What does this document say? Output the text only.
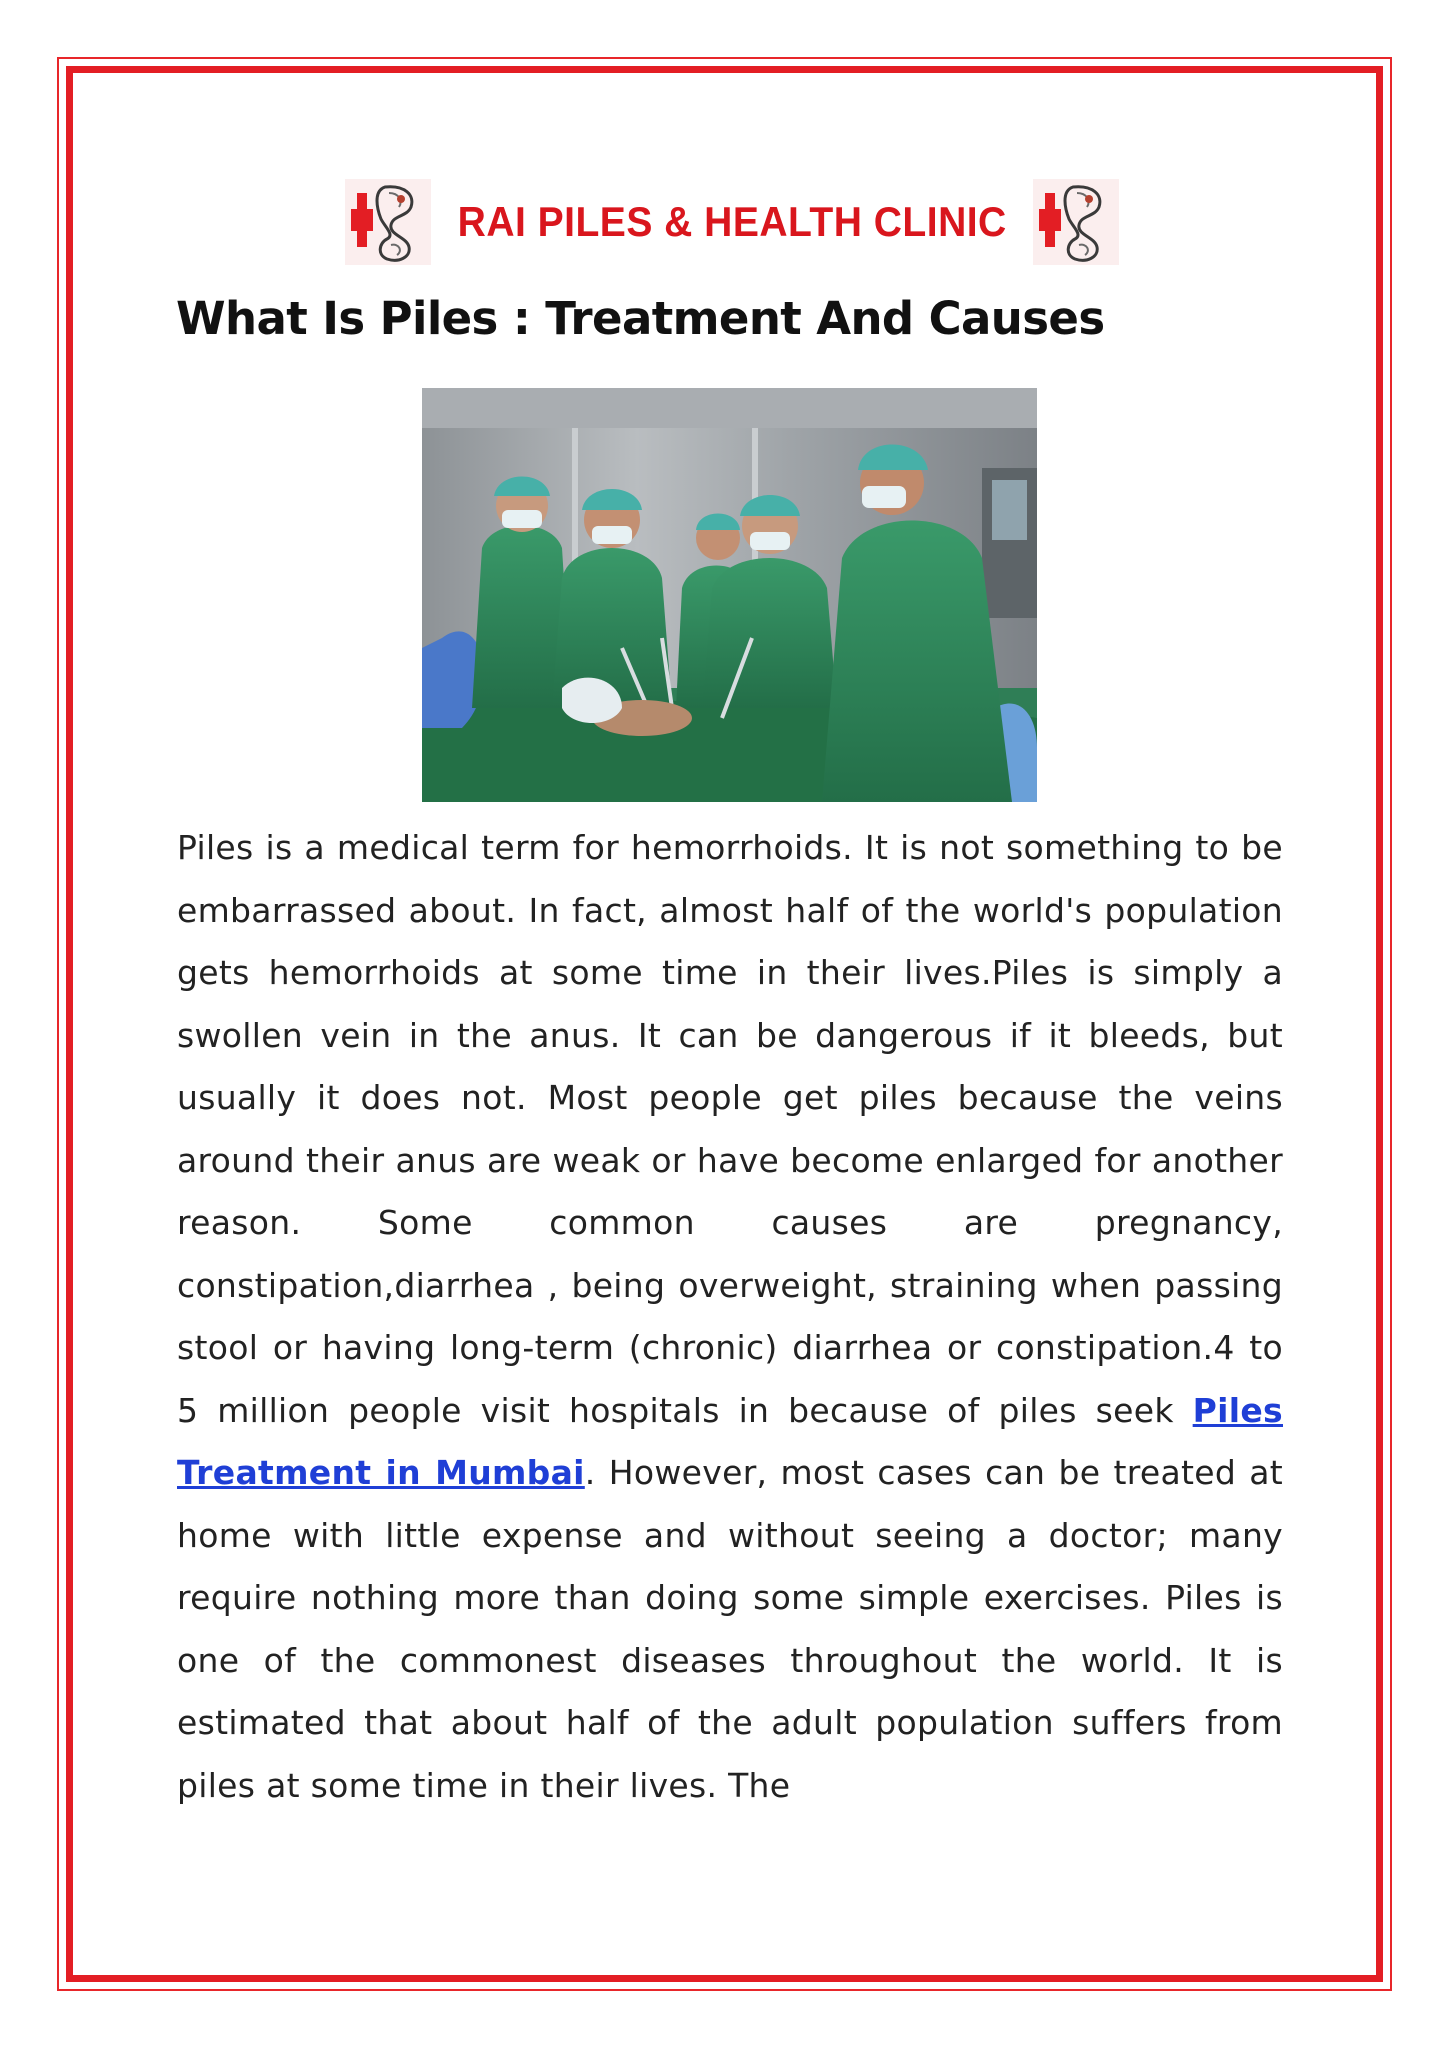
RAI PILES & HEALTH CLINIC
What Is Piles : Treatment And Causes

Piles is a medical term for hemorrhoids. It is not something to be embarrassed about. In fact, almost half of the world's population gets hemorrhoids at some time in their lives.Piles is simply a swollen vein in the anus. It can be dangerous if it bleeds, but usually it does not. Most people get piles because the veins around their anus are weak or have become enlarged for another reason. Some common causes are pregnancy, constipation,diarrhea , being overweight, straining when passing stool or having long-term (chronic) diarrhea or constipation.4 to 5 million people visit hospitals in because of piles seek Piles Treatment in Mumbai. However, most cases can be treated at home with little expense and without seeing a doctor; many require nothing more than doing some simple exercises. Piles is one of the commonest diseases throughout the world. It is estimated that about half of the adult population suffers from piles at some time in their lives. The
